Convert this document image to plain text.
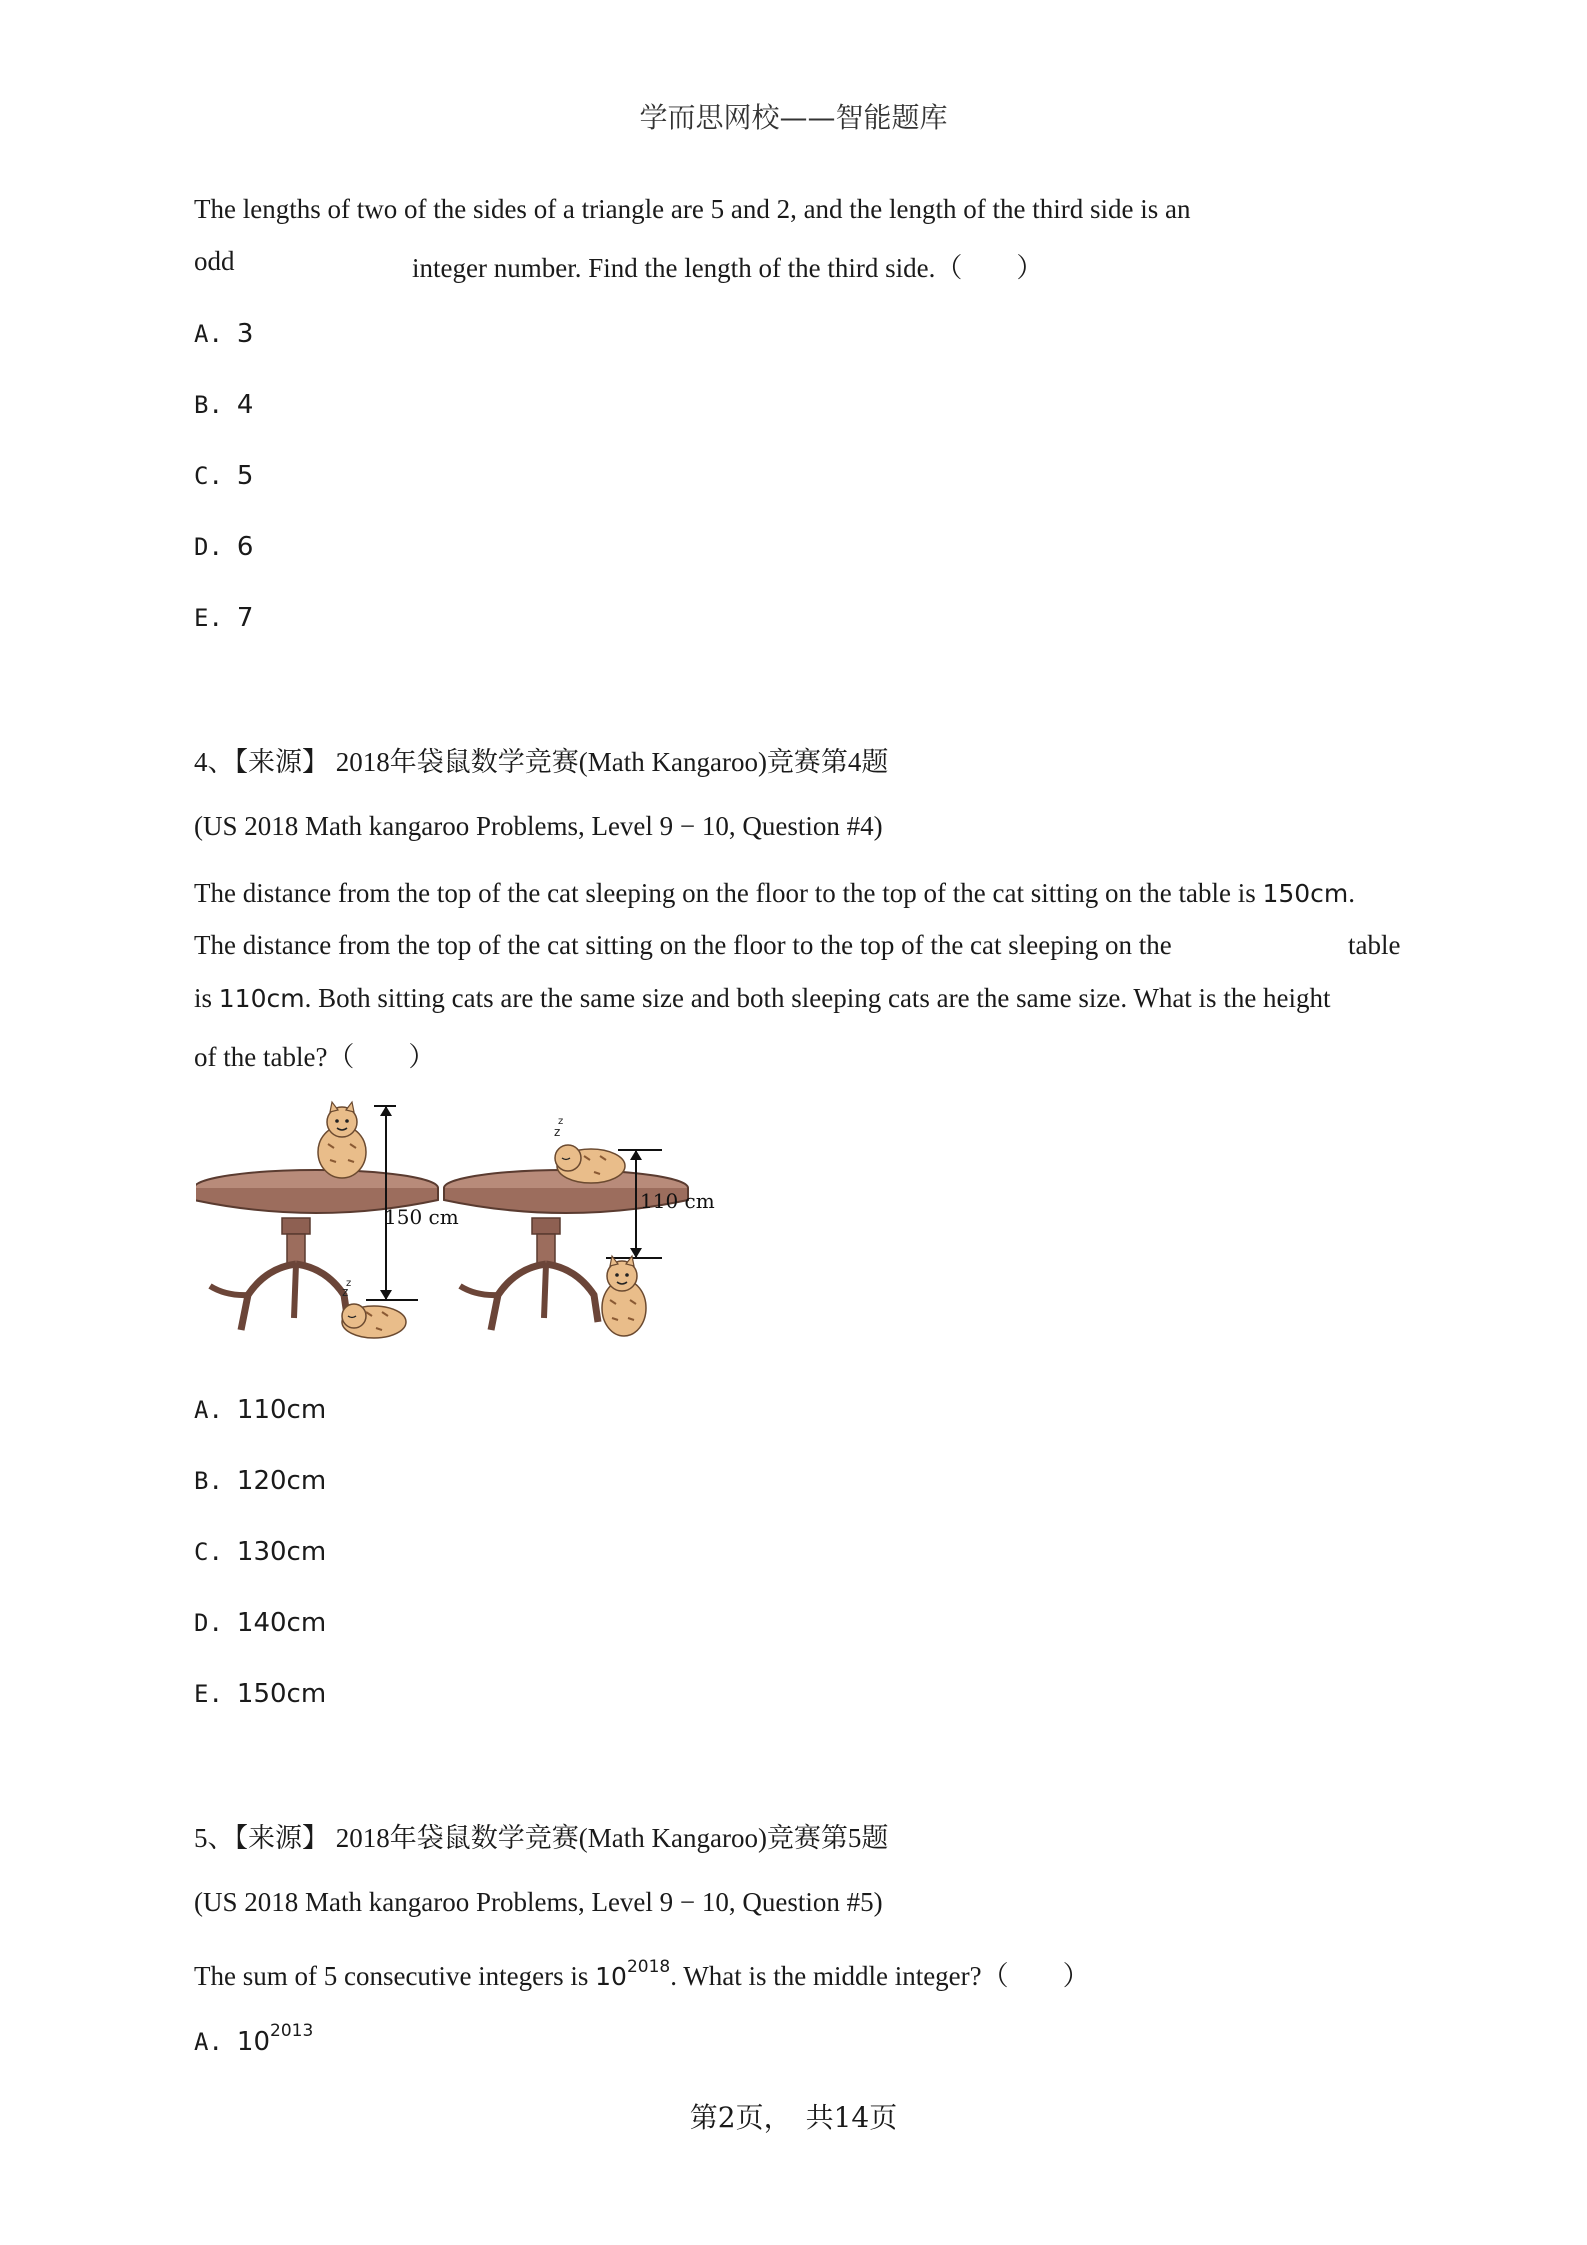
学而思网校——智能题库
The lengths of two of the sides of a triangle are 5 and 2, and the length of the third side is an
odd	integer number. Find the length of the third side.（　　）
A. 3
B. 4
C. 5
D. 6
E. 7
4、【来源】 2018年袋鼠数学竞赛(Math Kangaroo)竞赛第4题
(US 2018 Math kangaroo Problems, Level 9 − 10, Question #4)
The distance from the top of the cat sleeping on the floor to the top of the cat sitting on the table is 150cm.
The distance from the top of the cat sitting on the floor to the top of the cat sleeping on the	table
is 110cm. Both sitting cats are the same size and both sleeping cats are the same size. What is the height
of the table?（　　）
150 cm
z
z
z
z
110 cm
A. 110cm
B. 120cm
C. 130cm
D. 140cm
E. 150cm
5、【来源】 2018年袋鼠数学竞赛(Math Kangaroo)竞赛第5题
(US 2018 Math kangaroo Problems, Level 9 − 10, Question #5)
The sum of 5 consecutive integers is $10^{2018}$. What is the middle integer?（　　）
A. $10^{2013}$
第2页，　共14页
